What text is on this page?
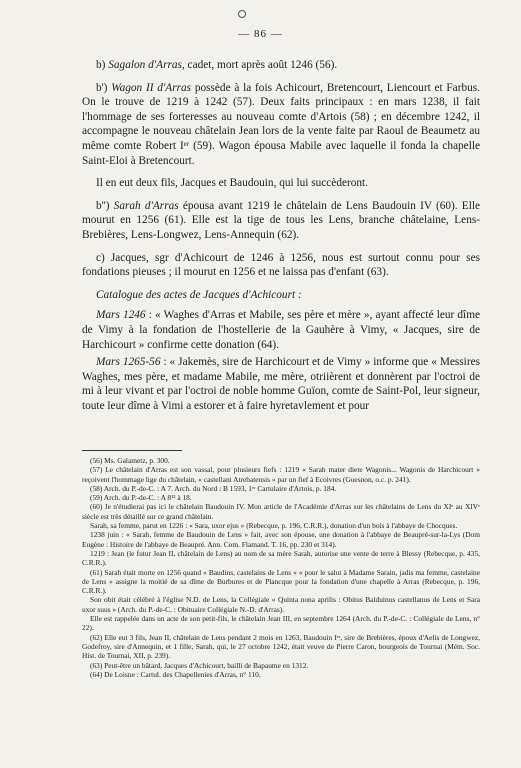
— 86 —

b) Sagalon d'Arras, cadet, mort après août 1246 (56).

b') Wagon II d'Arras possède à la fois Achicourt, Bretencourt, Liencourt et Farbus. On le trouve de 1219 à 1242 (57). Deux faits principaux : en mars 1238, il fait l'hommage de ses forteresses au nouveau comte d'Artois (58) ; en décembre 1242, il accompagne le nouveau châtelain Jean lors de la vente faite par Raoul de Beaumetz au même comte Robert Iᵉʳ (59). Wagon épousa Mabile avec laquelle il fonda la chapelle Saint-Eloi à Bretencourt.

Il en eut deux fils, Jacques et Baudouin, qui lui succèderont.

b'') Sarah d'Arras épousa avant 1219 le châtelain de Lens Baudouin IV (60). Elle mourut en 1256 (61). Elle est la tige de tous les Lens, branche châtelaine, Lens-Brebières, Lens-Longwez, Lens-Annequin (62).

c) Jacques, sgr d'Achicourt de 1246 à 1256, nous est surtout connu pour ses fondations pieuses ; il mourut en 1256 et ne laissa pas d'enfant (63).

Catalogue des actes de Jacques d'Achicourt :

Mars 1246 : « Waghes d'Arras et Mabile, ses père et mère », ayant affecté leur dîme de Vimy à la fondation de l'hostellerie de la Gauhère à Vimy, « Jacques, sire de Harchicourt » confirme cette donation (64).

Mars 1265-56 : « Jakemès, sire de Harchicourt et de Vimy » informe que « Messires Waghes, mes père, et madame Mabile, me mère, otriièrent et donnèrent par l'octroi de mi à leur vivant et par l'octroi de noble homme Guïon, comte de Saint-Pol, leur signeur, toute leur dîme à Vimi a estorer et à faire hyretavlement et pour

(56) Ms. Galametz, p. 300.

(57) Le châtelain d'Arras est son vassal, pour plusieurs fiefs : 1219 « Sarah mater diete Wagonis... Wagonis de Harchicourt » reçoivent l'hommage lige du châtelain, « castellani Atrebatensis » par un fief à Ecoivres (Guesnon, o.c. p. 241).

(58) Arch. du P.-de-C. : A 7. Arch. du Nord : B 1593, 1ᵉʳ Cartulaire d'Artois, p. 184.

(59) Arch. du P.-de-C. : A 8¹² à 18.

(60) Je n'étudierai pas ici le châtelain Baudouin IV. Mon article de l'Académie d'Arras sur les châtelains de Lens du XIᵉ au XIVᵉ siècle est très détaillé sur ce grand châtelain.

Sarah, sa femme, parut en 1226 : « Sara, uxor ejus » (Rebecque, p. 196, C.R.R.), donation d'un bois à l'abbaye de Chocques.

1238 juin : « Sarah, femme de Baudouin de Lens » fait, avec son épouse, une donation à l'abbaye de Beaupré-sur-la-Lys (Dom Eugène : Histoire de l'abbaye de Beaupré. Ann. Com. Flamand. T. 16, pp. 230 et 314).

1219 : Jean (le futur Jean II, châtelain de Lens) au nom de sa mère Sarah, autorise une vente de terre à Blessy (Rebecque, p. 435, C.R.R.).

(61) Sarah était morte en 1256 quand « Baudins, castelains de Lens » « pour le salut à Madame Sarain, jadis ma femme, castelaine de Lens » assigne la moitié de sa dîme de Burbures et de Plancque pour la fondation d'une chapelle à Arras (Rebecque, p. 196, C.R.R.).

Son obit était célébré à l'église N.D. de Lens, la Collégiale « Quinta nona aprilis : Obitus Balduinus castellanus de Lens et Sara uxor suus » (Arch. du P.-de-C. : Obituaire Collégiale N.-D. d'Arras).

Elle est rappelée dans un acte de son petit-fils, le châtelain Jean III, en septembre 1264 (Arch. du P.-de-C. : Collégiale de Lens, n° 22).

(62) Elle eut 3 fils, Jean II, châtelain de Lens pendant 2 mois en 1263, Baudouin Iᵉʳ, sire de Brebières, époux d'Aelis de Longwez, Godefroy, sire d'Annequin, et 1 fille, Sarah, qui, le 27 octobre 1242, était veuve de Pierre Caron, bourgeois de Tournai (Mém. Soc. Hist. de Tournai, XII, p. 239).

(63) Peut-être un bâtard, Jacques d'Achicourt, bailli de Bapaume en 1312.

(64) De Loisne : Cartul. des Chapellenies d'Arras, n° 110.
